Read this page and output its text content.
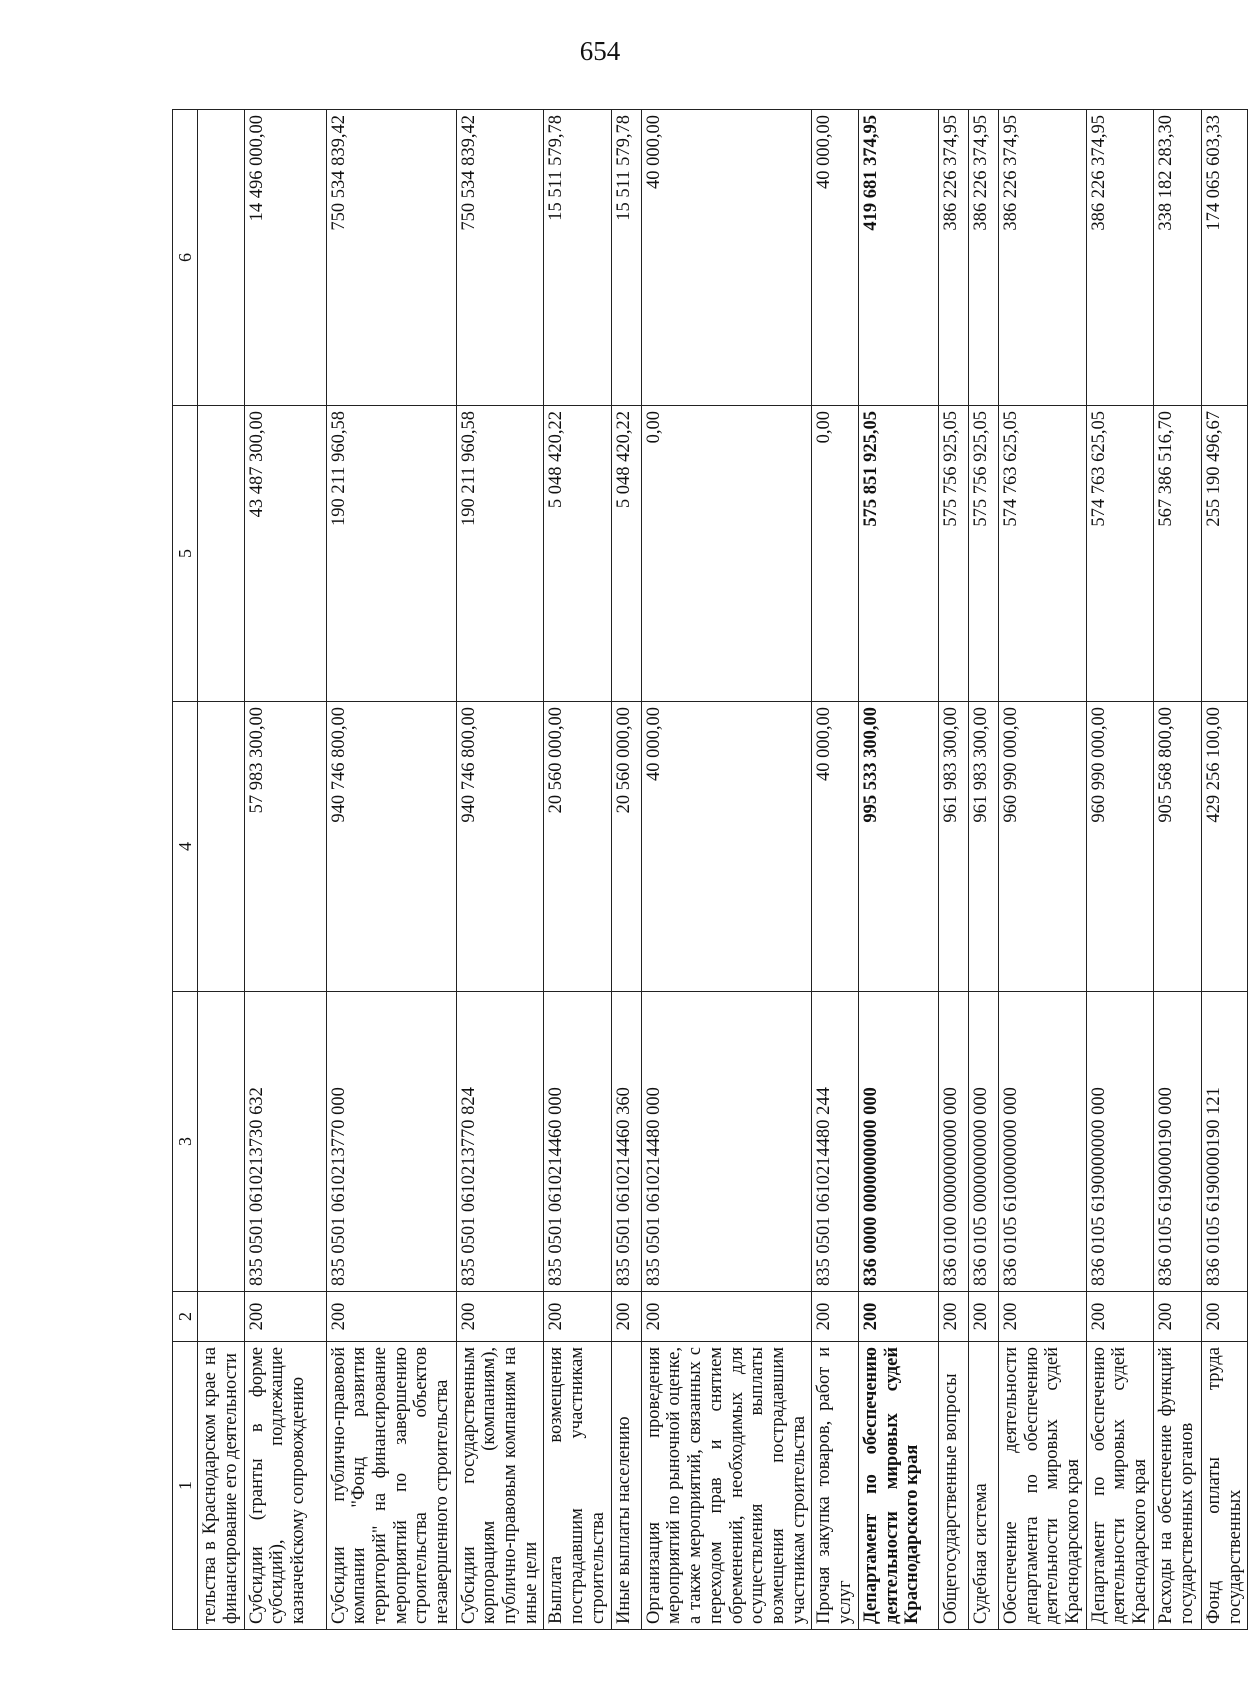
654
1	2	3	4	5	6
тельства в Краснодарском крае на финансирование его деятельности					
Субсидии (гранты в форме субсидий), подлежащие казначейскому сопровождению	200	835 0501 0610213730 632	57 983 300,00	43 487 300,00	14 496 000,00
Субсидии публично-правовой компании "Фонд развития территорий" на финансирование мероприятий по завершению строительства объектов незавершенного строительства	200	835 0501 0610213770 000	940 746 800,00	190 211 960,58	750 534 839,42
Субсидии государственным корпорациям (компаниям), публично-правовым компаниям на иные цели	200	835 0501 0610213770 824	940 746 800,00	190 211 960,58	750 534 839,42
Выплата возмещения пострадавшим участникам строительства	200	835 0501 0610214460 000	20 560 000,00	5 048 420,22	15 511 579,78
Иные выплаты населению	200	835 0501 0610214460 360	20 560 000,00	5 048 420,22	15 511 579,78
Организация проведения мероприятий по рыночной оценке, а также мероприятий, связанных с переходом прав и снятием обременений, необходимых для осуществления выплаты возмещения пострадавшим участникам строительства	200	835 0501 0610214480 000	40 000,00	0,00	40 000,00
Прочая закупка товаров, работ и услуг	200	835 0501 0610214480 244	40 000,00	0,00	40 000,00
Департамент по обеспечению деятельности мировых судей Краснодарского края	200	836 0000 0000000000 000	995 533 300,00	575 851 925,05	419 681 374,95
Общегосударственные вопросы	200	836 0100 0000000000 000	961 983 300,00	575 756 925,05	386 226 374,95
Судебная система	200	836 0105 0000000000 000	961 983 300,00	575 756 925,05	386 226 374,95
Обеспечение деятельности департамента по обеспечению деятельности мировых судей Краснодарского края	200	836 0105 6100000000 000	960 990 000,00	574 763 625,05	386 226 374,95
Департамент по обеспечению деятельности мировых судей Краснодарского края	200	836 0105 6190000000 000	960 990 000,00	574 763 625,05	386 226 374,95
Расходы на обеспечение функций государственных органов	200	836 0105 6190000190 000	905 568 800,00	567 386 516,70	338 182 283,30
Фонд оплаты труда государственных	200	836 0105 6190000190 121	429 256 100,00	255 190 496,67	174 065 603,33
